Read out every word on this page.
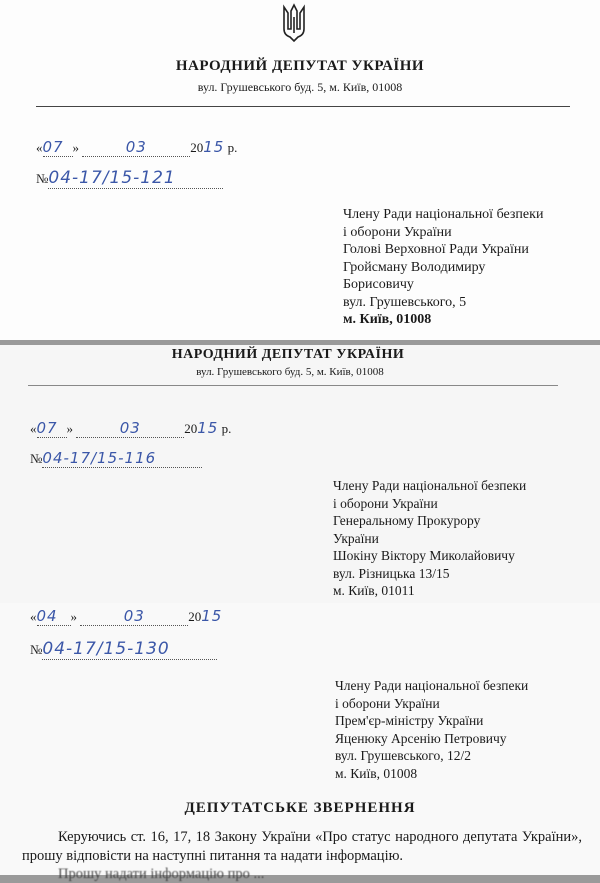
НАРОДНИЙ ДЕПУТАТ УКРАЇНИ
вул. Грушевського буд. 5, м. Київ, 01008
«07 »	03	2015 р.
№04-17/15-121
Члену Ради національної безпеки
і оборони України
Голові Верховної Ради України
Гройсману Володимиру
Борисовичу
вул. Грушевського, 5
м. Київ, 01008
НАРОДНИЙ ДЕПУТАТ УКРАЇНИ
вул. Грушевського буд. 5, м. Київ, 01008
«07 »	03	2015 р.
№04-17/15-116
Члену Ради національної безпеки
і оборони України
Генеральному Прокурору
України
Шокіну Віктору Миколайовичу
вул. Різницька 13/15
м. Київ, 01011
«04 »	03	2015
№04-17/15-130
Члену Ради національної безпеки
і оборони України
Прем'єр-міністру України
Яценюку Арсенію Петровичу
вул. Грушевського, 12/2
м. Київ, 01008
ДЕПУТАТСЬКЕ ЗВЕРНЕННЯ
Керуючись ст. 16, 17, 18 Закону України «Про статус народного депутата України», прошу відповісти на наступні питання та надати інформацію.
Прошу надати інформацію про ...
